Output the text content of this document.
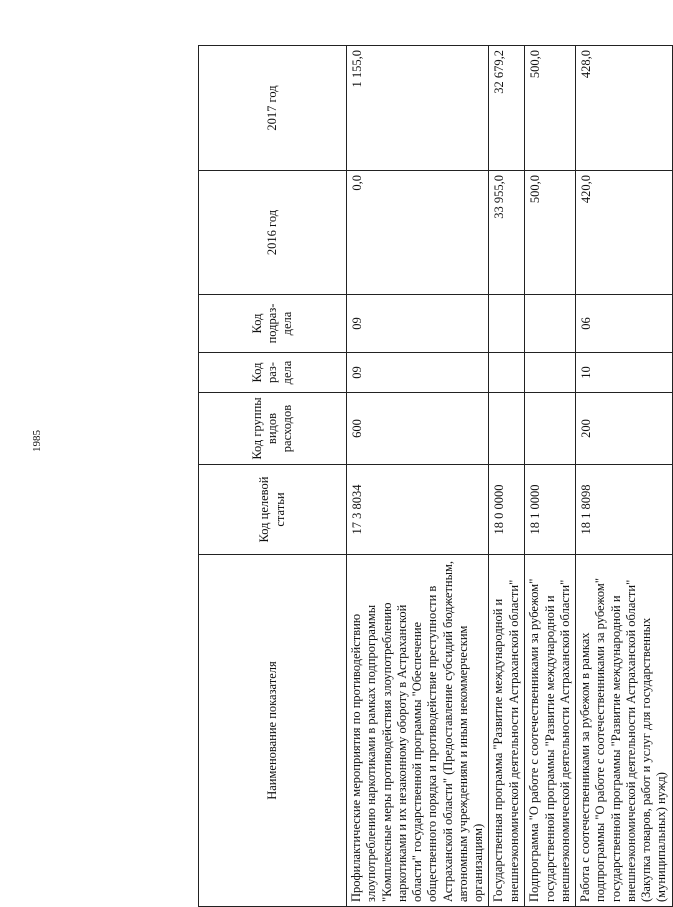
1985
Наименование показателя	Код целевой статьи	Код группы видов расходов	Код раз-дела	Код подраз-дела	2016 год	2017 год
Профилактические мероприятия по противодействию злоупотреблению наркотиками в рамках подпрограммы "Комплексные меры противодействия злоупотреблению наркотиками и их незаконному обороту в Астраханской области" государственной программы "Обеспечение общественного порядка и противодействие преступности в Астраханской области" (Предоставление субсидий бюджетным, автономным учреждениям и иным некоммерческим организациям)	17 3 8034	600	09	09	0,0	1 155,0
Государственная программа "Развитие международной и внешнеэкономической деятельности Астраханской области"	18 0 0000				33 955,0	32 679,2
Подпрограмма "О работе с соотечественниками за рубежом" государственной программы "Развитие международной и внешнеэкономической деятельности Астраханской области"	18 1 0000				500,0	500,0
Работа с соотечественниками за рубежом в рамках подпрограммы "О работе с соотечественниками за рубежом" государственной программы "Развитие международной и внешнеэкономической деятельности Астраханской области" (Закупка товаров, работ и услуг для государственных (муниципальных) нужд)	18 1 8098	200	10	06	420,0	428,0
